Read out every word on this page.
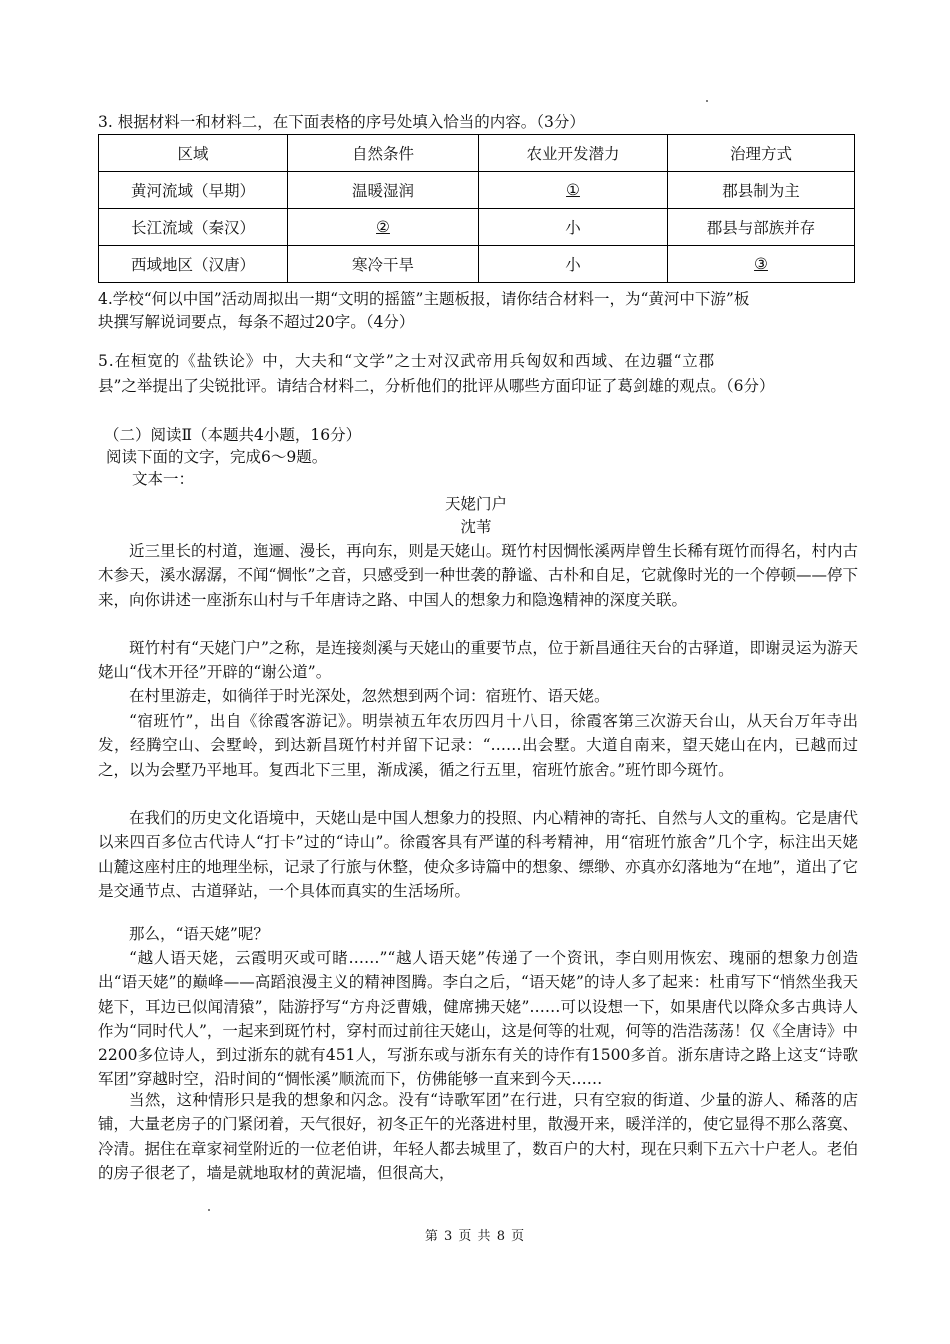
3. 根据材料一和材料二，在下面表格的序号处填入恰当的内容。（3分）
区域	自然条件	农业开发潜力	治理方式
黄河流域（早期）	温暖湿润	①	郡县制为主
长江流域（秦汉）	②	小	郡县与部族并存
西域地区（汉唐）	寒冷干旱	小	③
4.学校“何以中国”活动周拟出一期“文明的摇篮”主题板报，请你结合材料一，为“黄河中下游”板
块撰写解说词要点，每条不超过20字。（4分）
5.在桓宽的《盐铁论》中，大夫和“文学”之士对汉武帝用兵匈奴和西域、在边疆“立郡
县”之举提出了尖锐批评。请结合材料二，分析他们的批评从哪些方面印证了葛剑雄的观点。（6分）
（二）阅读Ⅱ（本题共4小题，16分）
阅读下面的文字，完成6～9题。
文本一：
天姥门户
沈苇
近三里长的村道，迤逦、漫长，再向东，则是天姥山。斑竹村因惆怅溪两岸曾生长稀有斑竹而得名，村内古木参天，溪水潺潺，不闻“惆怅”之音，只感受到一种世袭的静谧、古朴和自足，它就像时光的一个停顿——停下来，向你讲述一座浙东山村与千年唐诗之路、中国人的想象力和隐逸精神的深度关联。
斑竹村有“天姥门户”之称，是连接剡溪与天姥山的重要节点，位于新昌通往天台的古驿道，即谢灵运为游天姥山“伐木开径”开辟的“谢公道”。
在村里游走，如徜徉于时光深处，忽然想到两个词：宿班竹、语天姥。
“宿班竹”，出自《徐霞客游记》。明崇祯五年农历四月十八日，徐霞客第三次游天台山，从天台万年寺出发，经腾空山、会墅岭，到达新昌斑竹村并留下记录：“……出会墅。大道自南来，望天姥山在内，已越而过之，以为会墅乃平地耳。复西北下三里，渐成溪，循之行五里，宿班竹旅舍。”班竹即今斑竹。
在我们的历史文化语境中，天姥山是中国人想象力的投照、内心精神的寄托、自然与人文的重构。它是唐代以来四百多位古代诗人“打卡”过的“诗山”。徐霞客具有严谨的科考精神，用“宿班竹旅舍”几个字，标注出天姥山麓这座村庄的地理坐标，记录了行旅与休整，使众多诗篇中的想象、缥缈、亦真亦幻落地为“在地”，道出了它是交通节点、古道驿站，一个具体而真实的生活场所。
那么，“语天姥”呢？
“越人语天姥，云霞明灭或可睹……”“越人语天姥”传递了一个资讯，李白则用恢宏、瑰丽的想象力创造出“语天姥”的巅峰——高蹈浪漫主义的精神图腾。李白之后，“语天姥”的诗人多了起来：杜甫写下“悄然坐我天姥下，耳边已似闻清猿”，陆游抒写“方舟泛曹娥，健席拂天姥”……可以设想一下，如果唐代以降众多古典诗人作为“同时代人”，一起来到斑竹村，穿村而过前往天姥山，这是何等的壮观，何等的浩浩荡荡！仅《全唐诗》中2200多位诗人，到过浙东的就有451人，写浙东或与浙东有关的诗作有1500多首。浙东唐诗之路上这支“诗歌军团”穿越时空，沿时间的“惆怅溪”顺流而下，仿佛能够一直来到今天……
当然，这种情形只是我的想象和闪念。没有“诗歌军团”在行进，只有空寂的街道、少量的游人、稀落的店铺，大量老房子的门紧闭着，天气很好，初冬正午的光落进村里，散漫开来，暖洋洋的，使它显得不那么落寞、冷清。据住在章家祠堂附近的一位老伯讲，年轻人都去城里了，数百户的大村，现在只剩下五六十户老人。老伯的房子很老了，墙是就地取材的黄泥墙，但很高大，
第 3 页 共 8 页
